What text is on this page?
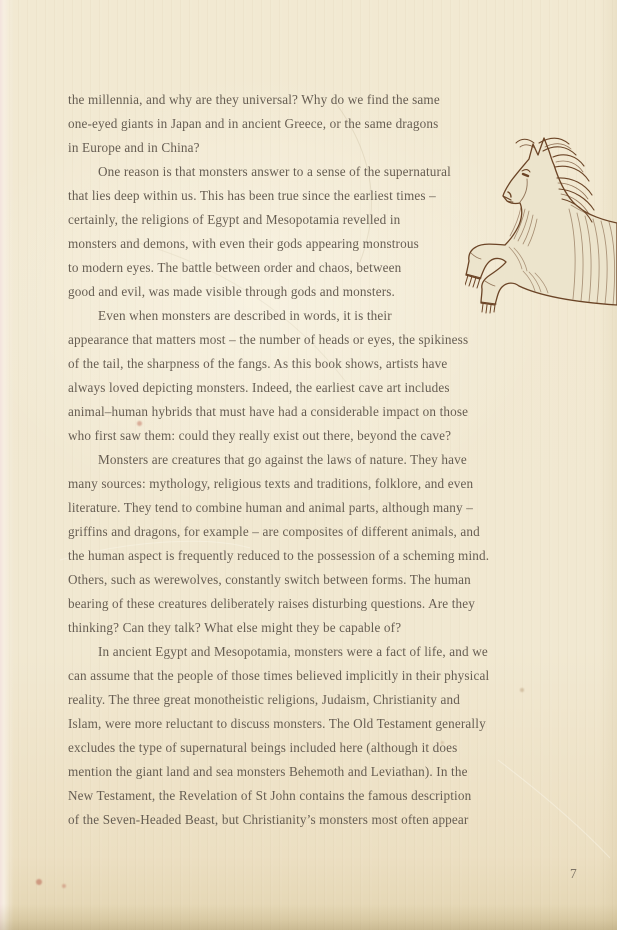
the millennia, and why are they universal? Why do we find the same
one-eyed giants in Japan and in ancient Greece, or the same dragons
in Europe and in China?

One reason is that monsters answer to a sense of the supernatural
that lies deep within us. This has been true since the earliest times –
certainly, the religions of Egypt and Mesopotamia revelled in
monsters and demons, with even their gods appearing monstrous
to modern eyes. The battle between order and chaos, between
good and evil, was made visible through gods and monsters.

Even when monsters are described in words, it is their
appearance that matters most – the number of heads or eyes, the spikiness
of the tail, the sharpness of the fangs. As this book shows, artists have
always loved depicting monsters. Indeed, the earliest cave art includes
animal–human hybrids that must have had a considerable impact on those
who first saw them: could they really exist out there, beyond the cave?

Monsters are creatures that go against the laws of nature. They have
many sources: mythology, religious texts and traditions, folklore, and even
literature. They tend to combine human and animal parts, although many –
griffins and dragons, for example – are composites of different animals, and
the human aspect is frequently reduced to the possession of a scheming mind.
Others, such as werewolves, constantly switch between forms. The human
bearing of these creatures deliberately raises disturbing questions. Are they
thinking? Can they talk? What else might they be capable of?

In ancient Egypt and Mesopotamia, monsters were a fact of life, and we
can assume that the people of those times believed implicitly in their physical
reality. The three great monotheistic religions, Judaism, Christianity and
Islam, were more reluctant to discuss monsters. The Old Testament generally
excludes the type of supernatural beings included here (although it does
mention the giant land and sea monsters Behemoth and Leviathan). In the
New Testament, the Revelation of St John contains the famous description
of the Seven-Headed Beast, but Christianity’s monsters most often appear

7
